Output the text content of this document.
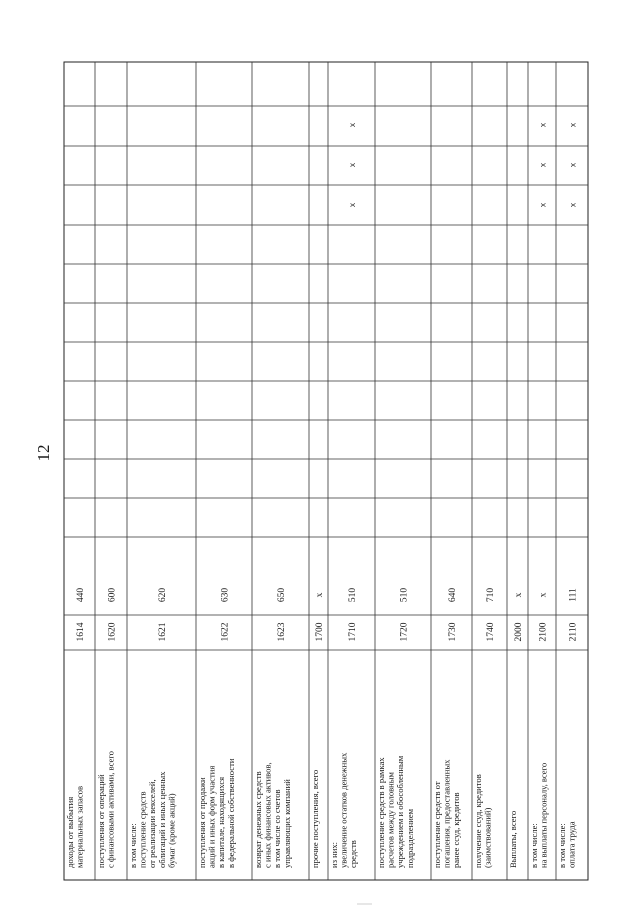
12
доходы от выбытия материальных запасов
1614
440
поступления от операций с финансовыми активами, всего
1620
600
в том числе: поступление средств от реализации векселей, облигаций и иных ценных бумаг (кроме акций)
1621
620
поступления от продажи акций и иных форм участия в капитале, находящихся в федеральной собственности
1622
630
возврат денежных средств с иных финансовых активов, в том числе со счетов управляющих компаний
1623
650
прочие поступления, всего
1700
x
из них: увеличение остатков денежных средств
1710
510
x
x
x
поступление средств в рамках расчетов между головным учреждением и обособленным подразделением
1720
510
поступление средств от погашения, предоставленных ранее ссуд, кредитов
1730
640
получение ссуд, кредитов (заимствований)
1740
710
Выплаты, всего
2000
x
в том числе: на выплаты персоналу, всего
2100
x
x
x
x
в том числе: оплата труда
2110
111
x
x
x
